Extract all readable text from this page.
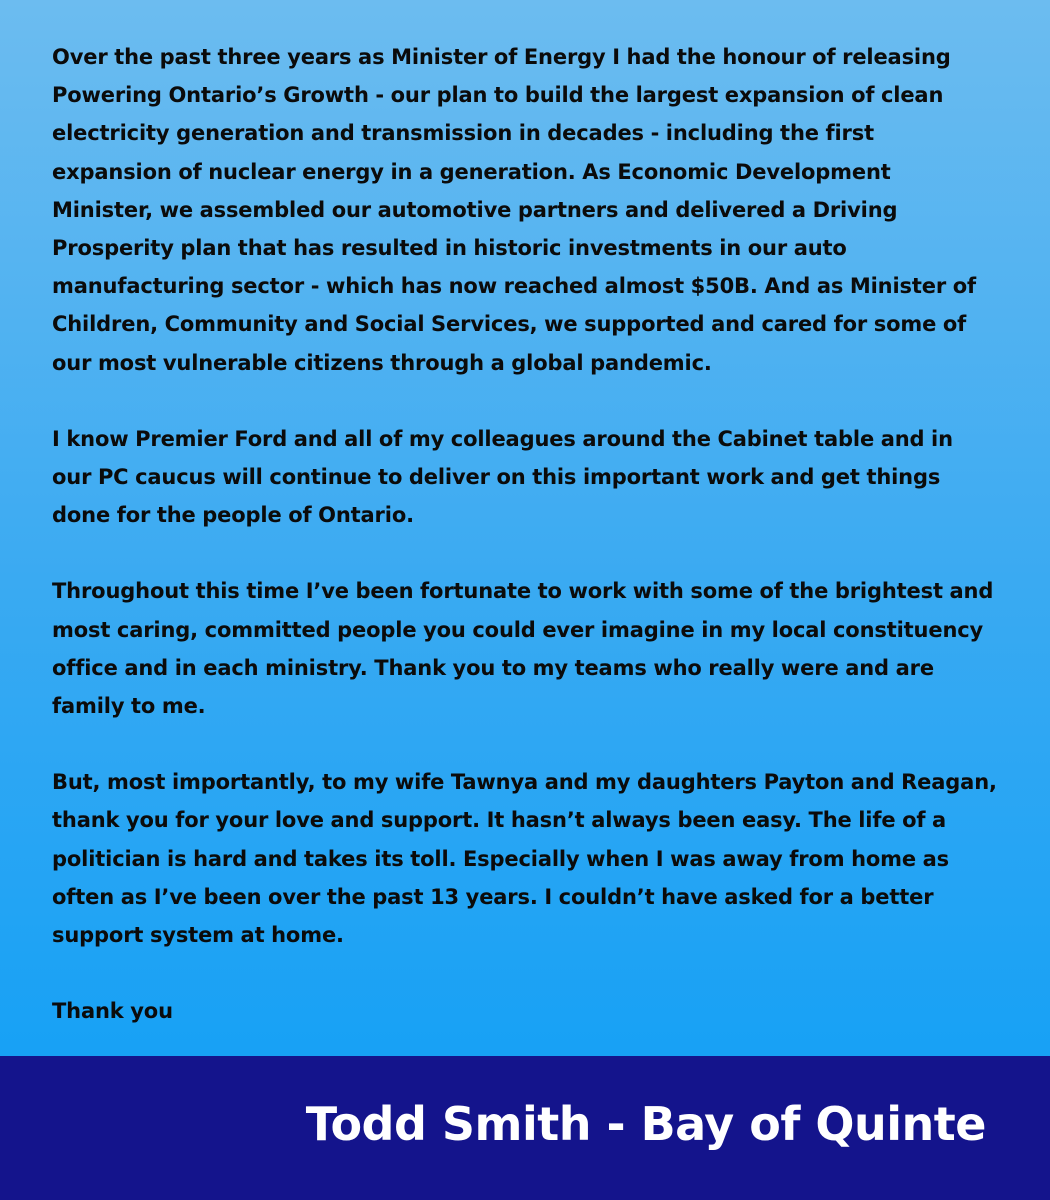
Over the past three years as Minister of Energy I had the honour of releasing Powering Ontario’s Growth - our plan to build the largest expansion of clean electricity generation and transmission in decades - including the first expansion of nuclear energy in a generation. As Economic Development Minister, we assembled our automotive partners and delivered a Driving Prosperity plan that has resulted in historic investments in our auto manufacturing sector - which has now reached almost $50B. And as Minister of Children, Community and Social Services, we supported and cared for some of our most vulnerable citizens through a global pandemic.

I know Premier Ford and all of my colleagues around the Cabinet table and in our PC caucus will continue to deliver on this important work and get things done for the people of Ontario.

Throughout this time I’ve been fortunate to work with some of the brightest and most caring, committed people you could ever imagine in my local constituency office and in each ministry. Thank you to my teams who really were and are family to me.

But, most importantly, to my wife Tawnya and my daughters Payton and Reagan, thank you for your love and support. It hasn’t always been easy. The life of a politician is hard and takes its toll. Especially when I was away from home as often as I’ve been over the past 13 years. I couldn’t have asked for a better support system at home.

Thank you

Todd Smith - Bay of Quinte
